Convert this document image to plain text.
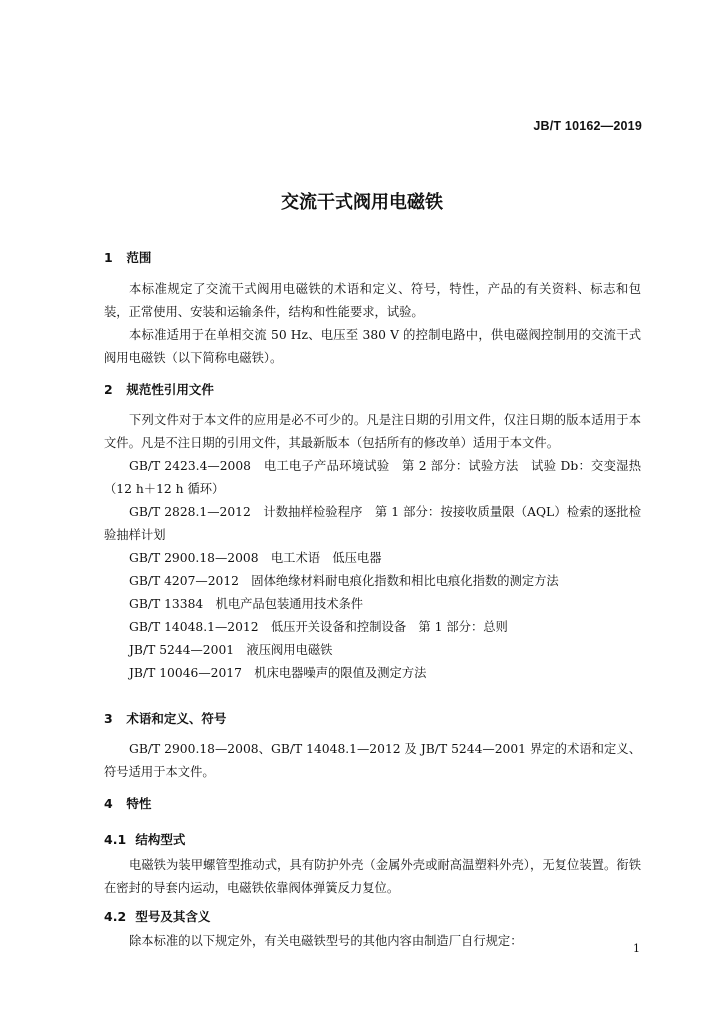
JB/T 10162—2019
交流干式阀用电磁铁
1 范围
本标准规定了交流干式阀用电磁铁的术语和定义、符号，特性，产品的有关资料、标志和包装，正常使用、安装和运输条件，结构和性能要求，试验。
本标准适用于在单相交流 50 Hz、电压至 380 V 的控制电路中，供电磁阀控制用的交流干式阀用电磁铁（以下简称电磁铁）。
2 规范性引用文件
下列文件对于本文件的应用是必不可少的。凡是注日期的引用文件，仅注日期的版本适用于本文件。凡是不注日期的引用文件，其最新版本（包括所有的修改单）适用于本文件。
GB/T 2423.4—2008　电工电子产品环境试验　第 2 部分：试验方法　试验 Db：交变湿热（12 h＋12 h 循环）
GB/T 2828.1—2012　计数抽样检验程序　第 1 部分：按接收质量限（AQL）检索的逐批检验抽样计划
GB/T 2900.18—2008　电工术语　低压电器
GB/T 4207—2012　固体绝缘材料耐电痕化指数和相比电痕化指数的测定方法
GB/T 13384　机电产品包装通用技术条件
GB/T 14048.1—2012　低压开关设备和控制设备　第 1 部分：总则
JB/T 5244—2001　液压阀用电磁铁
JB/T 10046—2017　机床电器噪声的限值及测定方法
3 术语和定义、符号
GB/T 2900.18—2008、GB/T 14048.1—2012 及 JB/T 5244—2001 界定的术语和定义、符号适用于本文件。
4 特性
4.1 结构型式
电磁铁为装甲螺管型推动式，具有防护外壳（金属外壳或耐高温塑料外壳），无复位装置。衔铁在密封的导套内运动，电磁铁依靠阀体弹簧反力复位。
4.2 型号及其含义
除本标准的以下规定外，有关电磁铁型号的其他内容由制造厂自行规定：
1
